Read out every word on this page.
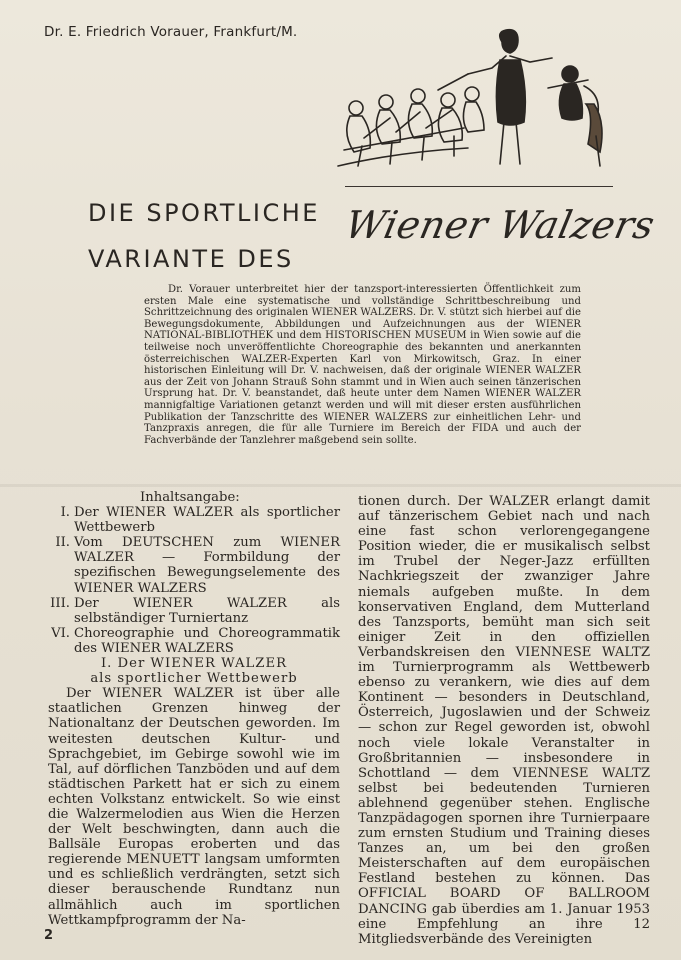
Dr. E. Friedrich Vorauer, Frankfurt/M.
DIE SPORTLICHE
VARIANTE DES
Wiener Walzers
Dr. Vorauer unterbreitet hier der tanzsport-interessierten Öffentlichkeit zum ersten Male eine systematische und vollständige Schrittbeschreibung und Schrittzeichnung des originalen WIENER WALZERS. Dr. V. stützt sich hierbei auf die Bewegungsdokumente, Abbildungen und Aufzeichnungen aus der WIENER NATIONAL-BIBLIOTHEK und dem HISTORISCHEN MUSEUM in Wien sowie auf die teilweise noch unveröffentlichte Choreographie des bekannten und anerkannten österreichischen WALZER-Experten Karl von Mirkowitsch, Graz. In einer historischen Einleitung will Dr. V. nachweisen, daß der originale WIENER WALZER aus der Zeit von Johann Strauß Sohn stammt und in Wien auch seinen tänzerischen Ursprung hat. Dr. V. beanstandet, daß heute unter dem Namen WIENER WALZER mannigfaltige Variationen getanzt werden und will mit dieser ersten ausführlichen Publikation der Tanzschritte des WIENER WALZERS zur einheitlichen Lehr- und Tanzpraxis anregen, die für alle Turniere im Bereich der FIDA und auch der Fachverbände der Tanzlehrer maßgebend sein sollte.
Inhaltsangabe:
I. Der WIENER WALZER als sportlicher Wettbewerb
II. Vom DEUTSCHEN zum WIENER WALZER — Formbildung der spezifischen Bewegungselemente des WIENER WALZERS
III. Der WIENER WALZER als selbständiger Turniertanz
VI. Choreographie und Choreogrammatik des WIENER WALZERS
I. Der WIENER WALZER
als sportlicher Wettbewerb
Der WIENER WALZER ist über alle staatlichen Grenzen hinweg der Nationaltanz der Deutschen geworden. Im weitesten deutschen Kultur- und Sprachgebiet, im Gebirge sowohl wie im Tal, auf dörflichen Tanzböden und auf dem städtischen Parkett hat er sich zu einem echten Volkstanz entwickelt. So wie einst die Walzermelodien aus Wien die Herzen der Welt beschwingten, dann auch die Ballsäle Europas eroberten und das regierende MENUETT langsam umformten und es schließlich verdrängten, setzt sich dieser berauschende Rundtanz nun allmählich auch im sportlichen Wettkampfprogramm der Na-
tionen durch. Der WALZER erlangt damit auf tänzerischem Gebiet nach und nach eine fast schon verlorengegangene Position wieder, die er musikalisch selbst im Trubel der Neger-Jazz erfüllten Nachkriegszeit der zwanziger Jahre niemals aufgeben mußte. In dem konservativen England, dem Mutterland des Tanzsports, bemüht man sich seit einiger Zeit in den offiziellen Verbandskreisen den VIENNESE WALTZ im Turnierprogramm als Wettbewerb ebenso zu verankern, wie dies auf dem Kontinent — besonders in Deutschland, Österreich, Jugoslawien und der Schweiz — schon zur Regel geworden ist, obwohl noch viele lokale Veranstalter in Großbritannien — insbesondere in Schottland — dem VIENNESE WALTZ selbst bei bedeutenden Turnieren ablehnend gegenüber stehen. Englische Tanzpädagogen spornen ihre Turnierpaare zum ernsten Studium und Training dieses Tanzes an, um bei den großen Meisterschaften auf dem europäischen Festland bestehen zu können. Das OFFICIAL BOARD OF BALLROOM DANCING gab überdies am 1. Januar 1953 eine Empfehlung an ihre 12 Mitgliedsverbände des Vereinigten
2
